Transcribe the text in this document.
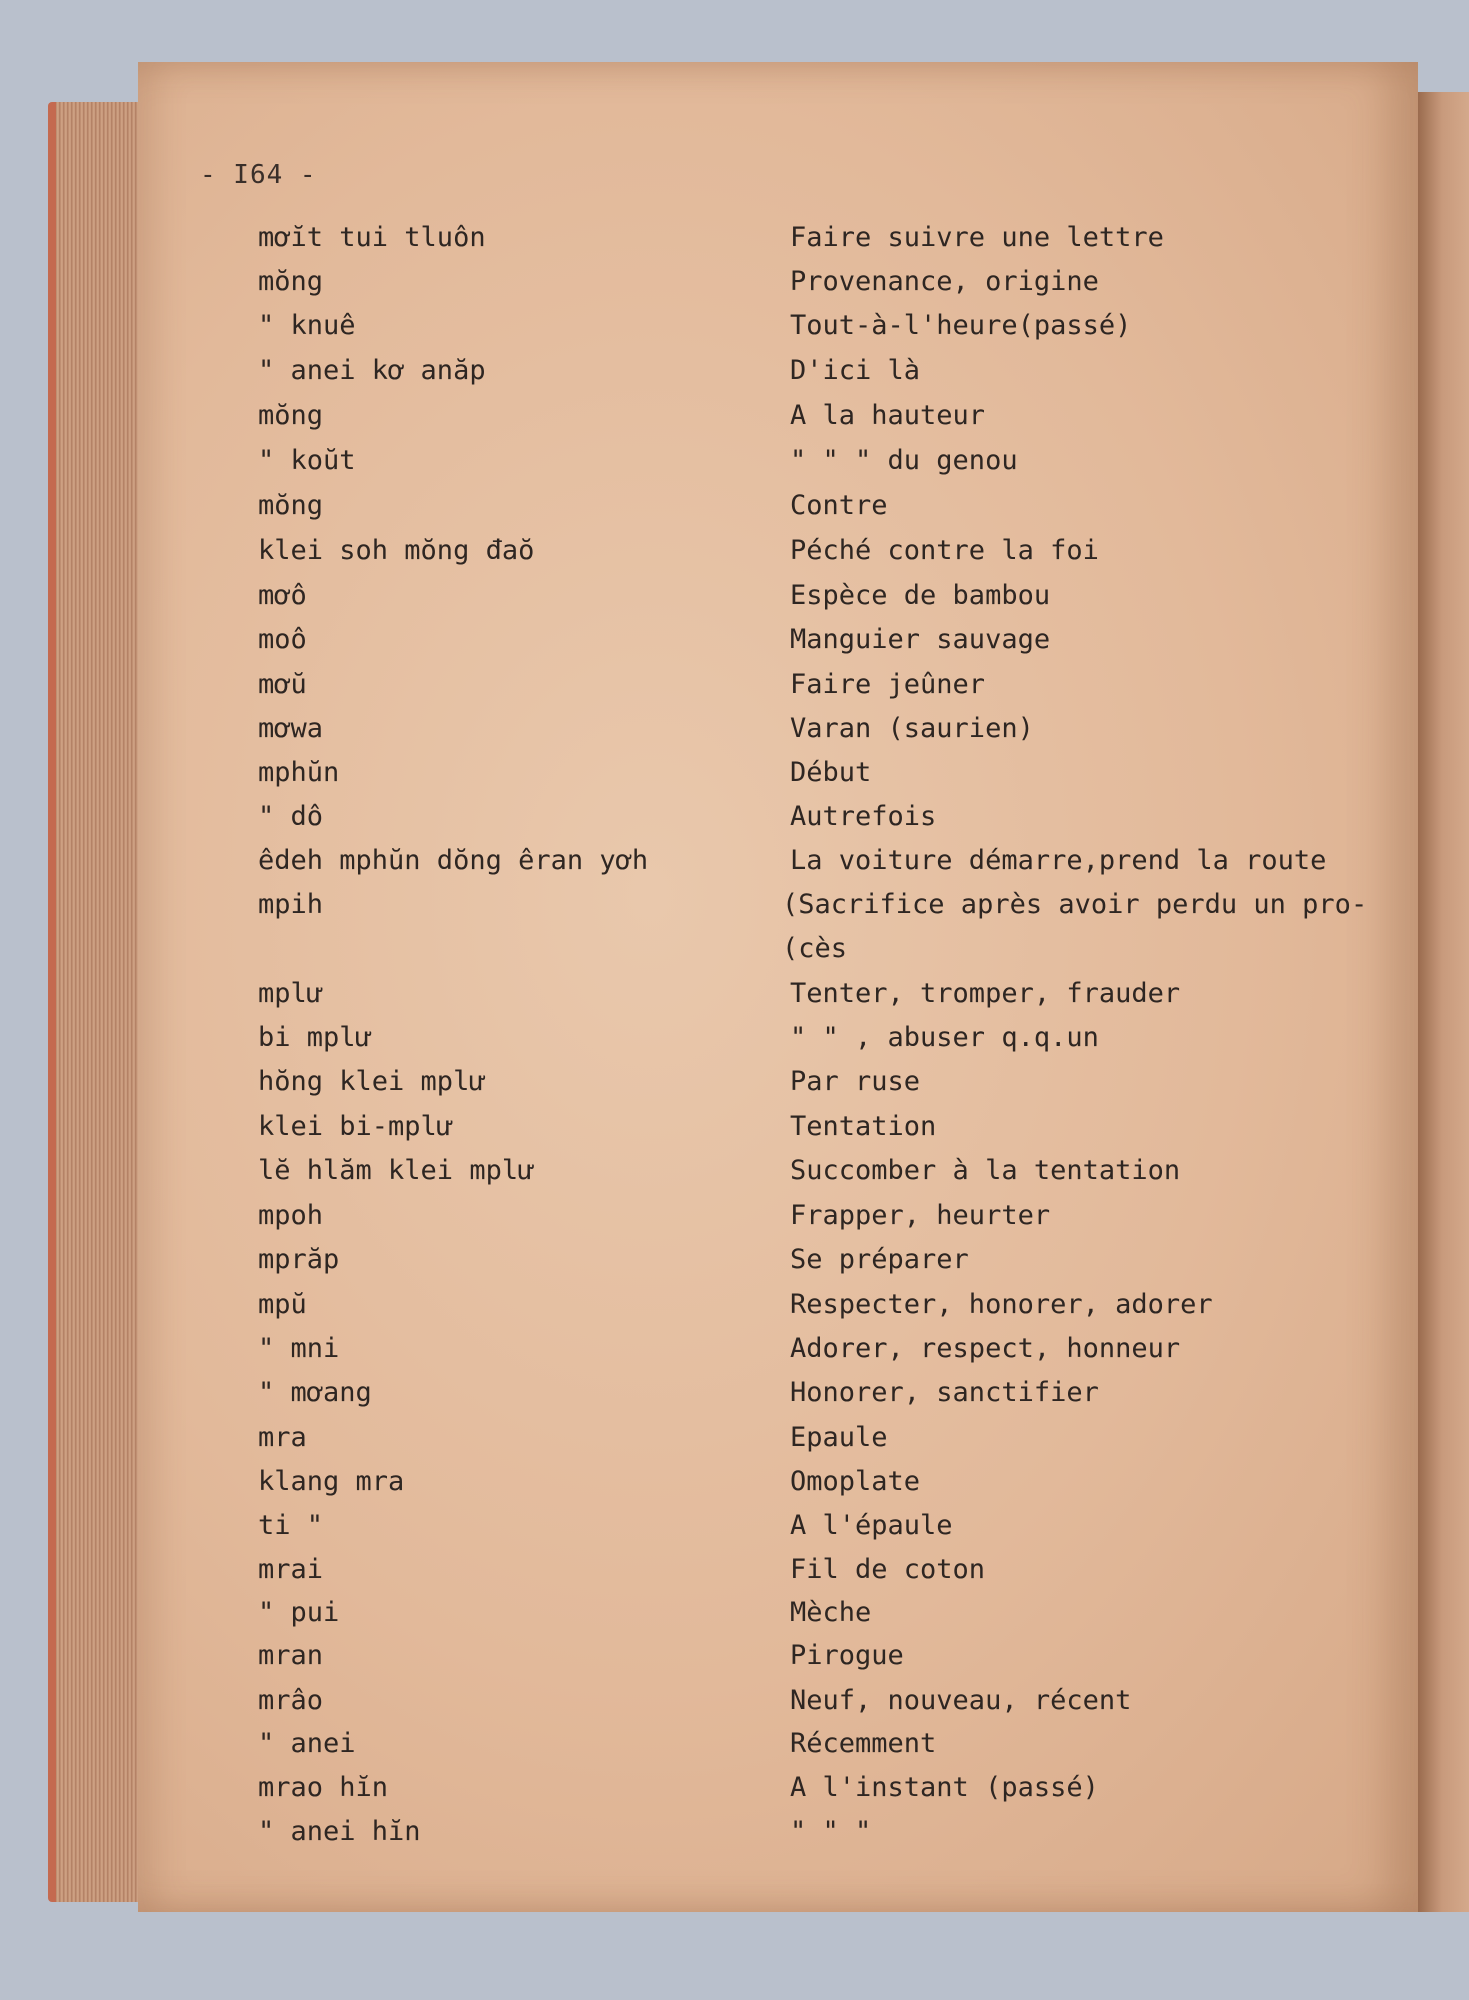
- I64 -
mơĭt tui tluôn	Faire suivre une lettre
mŏng	Provenance, origine
" knuê	Tout-à-l'heure(passé)
" anei kơ anăp	D'ici là
mŏng	A la hauteur
" koŭt	" " " du genou
mŏng	Contre
klei soh mŏng đaŏ	Péché contre la foi
mơô	Espèce de bambou
moô	Manguier sauvage
mơŭ	Faire jeûner
mơwa	Varan (saurien)
mphŭn	Début
" dô	Autrefois
êdeh mphŭn dŏng êran yơh	La voiture démarre,prend la route
mpih	(Sacrifice après avoir perdu un pro-
(cès
mplư	Tenter, tromper, frauder
bi mplư	" " , abuser q.q.un
hŏng klei mplư	Par ruse
klei bi-mplư	Tentation
lĕ hlăm klei mplư	Succomber à la tentation
mpoh	Frapper, heurter
mprăp	Se préparer
mpŭ	Respecter, honorer, adorer
" mni	Adorer, respect, honneur
" mơang	Honorer, sanctifier
mra	Epaule
klang mra	Omoplate
ti "	A l'épaule
mrai	Fil de coton
" pui	Mèche
mran	Pirogue
mrâo	Neuf, nouveau, récent
" anei	Récemment
mrao hĭn	A l'instant (passé)
" anei hĭn	" " "
